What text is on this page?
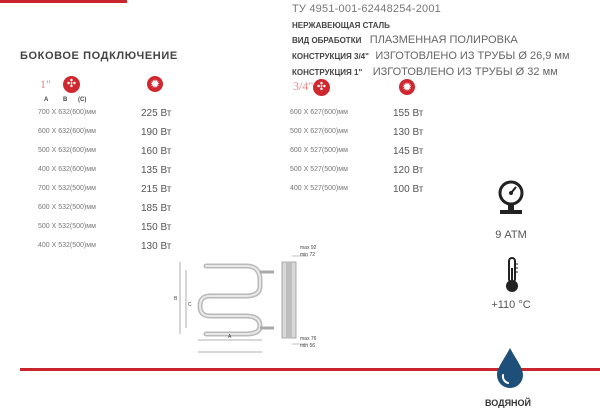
ТУ 4951-001-62448254-2001
НЕРЖАВЕЮЩАЯ СТАЛЬ
ВИД ОБРАБОТКИ ПЛАЗМЕННАЯ ПОЛИРОВКА
КОНСТРУКЦИЯ 3/4" ИЗГОТОВЛЕНО ИЗ ТРУБЫ Ø 26,9 мм
КОНСТРУКЦИЯ 1" ИЗГОТОВЛЕНО ИЗ ТРУБЫ Ø 32 мм
БОКОВОЕ ПОДКЛЮЧЕНИЕ
1"	✣	✹
A B (C)
700 X 632(600)мм	225 Вт
600 X 632(600)мм	190 Вт
500 X 632(600)мм	160 Вт
400 X 632(600)мм	135 Вт
700 X 532(500)мм	215 Вт
600 X 532(500)мм	185 Вт
500 X 532(500)мм	150 Вт
400 X 532(500)мм	130 Вт
3/4" ✣	✹
600 X 627(600)мм	155 Вт
500 X 627(600)мм	130 Вт
600 X 527(500)мм	145 Вт
500 X 527(500)мм	120 Вт
400 X 527(500)мм	100 Вт
9 АТМ
+110 °C
B
C
A
max 92
min 72
max 76
min 56
ВОДЯНОЙ
